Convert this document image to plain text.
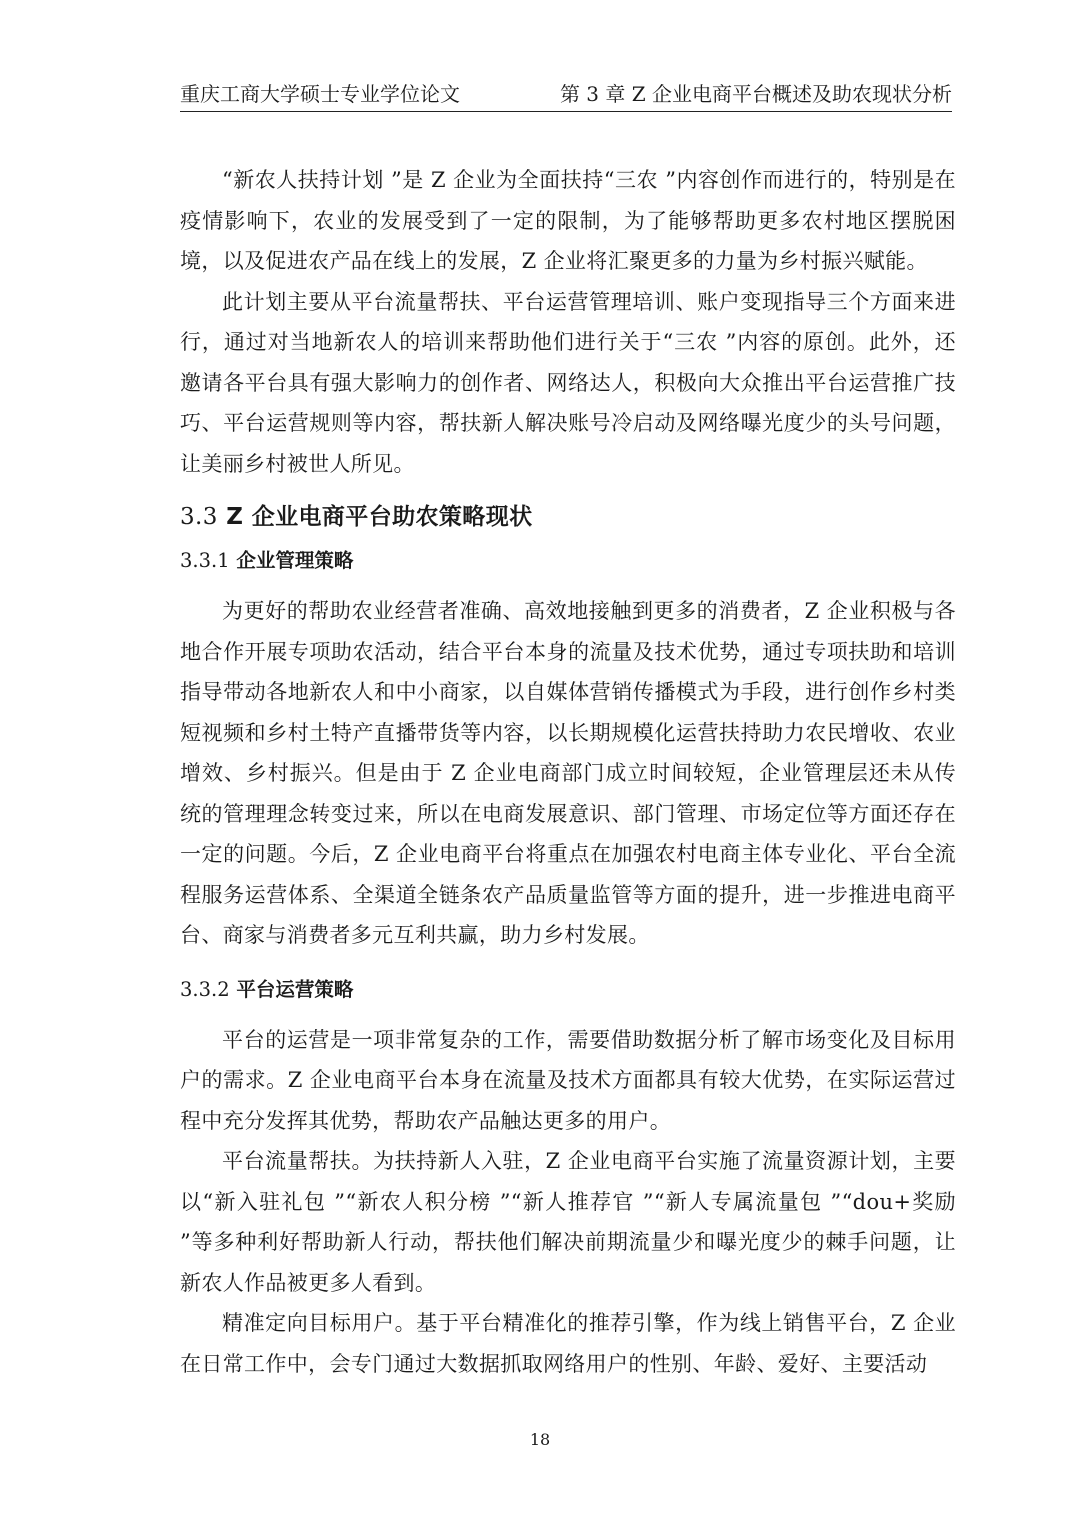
重庆工商大学硕士专业学位论文	第 3 章 Z 企业电商平台概述及助农现状分析

“新农人扶持计划 ”是 Z 企业为全面扶持“三农 ”内容创作而进行的，特别是在疫情影响下，农业的发展受到了一定的限制，为了能够帮助更多农村地区摆脱困境，以及促进农产品在线上的发展，Z 企业将汇聚更多的力量为乡村振兴赋能。

此计划主要从平台流量帮扶、平台运营管理培训、账户变现指导三个方面来进行，通过对当地新农人的培训来帮助他们进行关于“三农 ”内容的原创。此外，还邀请各平台具有强大影响力的创作者、网络达人，积极向大众推出平台运营推广技巧、平台运营规则等内容，帮扶新人解决账号冷启动及网络曝光度少的头号问题，让美丽乡村被世人所见。

3.3 Z 企业电商平台助农策略现状
3.3.1 企业管理策略

为更好的帮助农业经营者准确、高效地接触到更多的消费者，Z 企业积极与各地合作开展专项助农活动，结合平台本身的流量及技术优势，通过专项扶助和培训指导带动各地新农人和中小商家，以自媒体营销传播模式为手段，进行创作乡村类短视频和乡村土特产直播带货等内容，以长期规模化运营扶持助力农民增收、农业增效、乡村振兴。但是由于 Z 企业电商部门成立时间较短，企业管理层还未从传统的管理理念转变过来，所以在电商发展意识、部门管理、市场定位等方面还存在一定的问题。今后，Z 企业电商平台将重点在加强农村电商主体专业化、平台全流程服务运营体系、全渠道全链条农产品质量监管等方面的提升，进一步推进电商平台、商家与消费者多元互利共赢，助力乡村发展。

3.3.2 平台运营策略

平台的运营是一项非常复杂的工作，需要借助数据分析了解市场变化及目标用户的需求。Z 企业电商平台本身在流量及技术方面都具有较大优势，在实际运营过程中充分发挥其优势，帮助农产品触达更多的用户。

平台流量帮扶。为扶持新人入驻，Z 企业电商平台实施了流量资源计划，主要以“新入驻礼包 ”“新农人积分榜 ”“新人推荐官 ”“新人专属流量包 ”“dou+奖励 ”等多种利好帮助新人行动，帮扶他们解决前期流量少和曝光度少的棘手问题，让新农人作品被更多人看到。

精准定向目标用户。基于平台精准化的推荐引擎，作为线上销售平台，Z 企业在日常工作中，会专门通过大数据抓取网络用户的性别、年龄、爱好、主要活动

18
